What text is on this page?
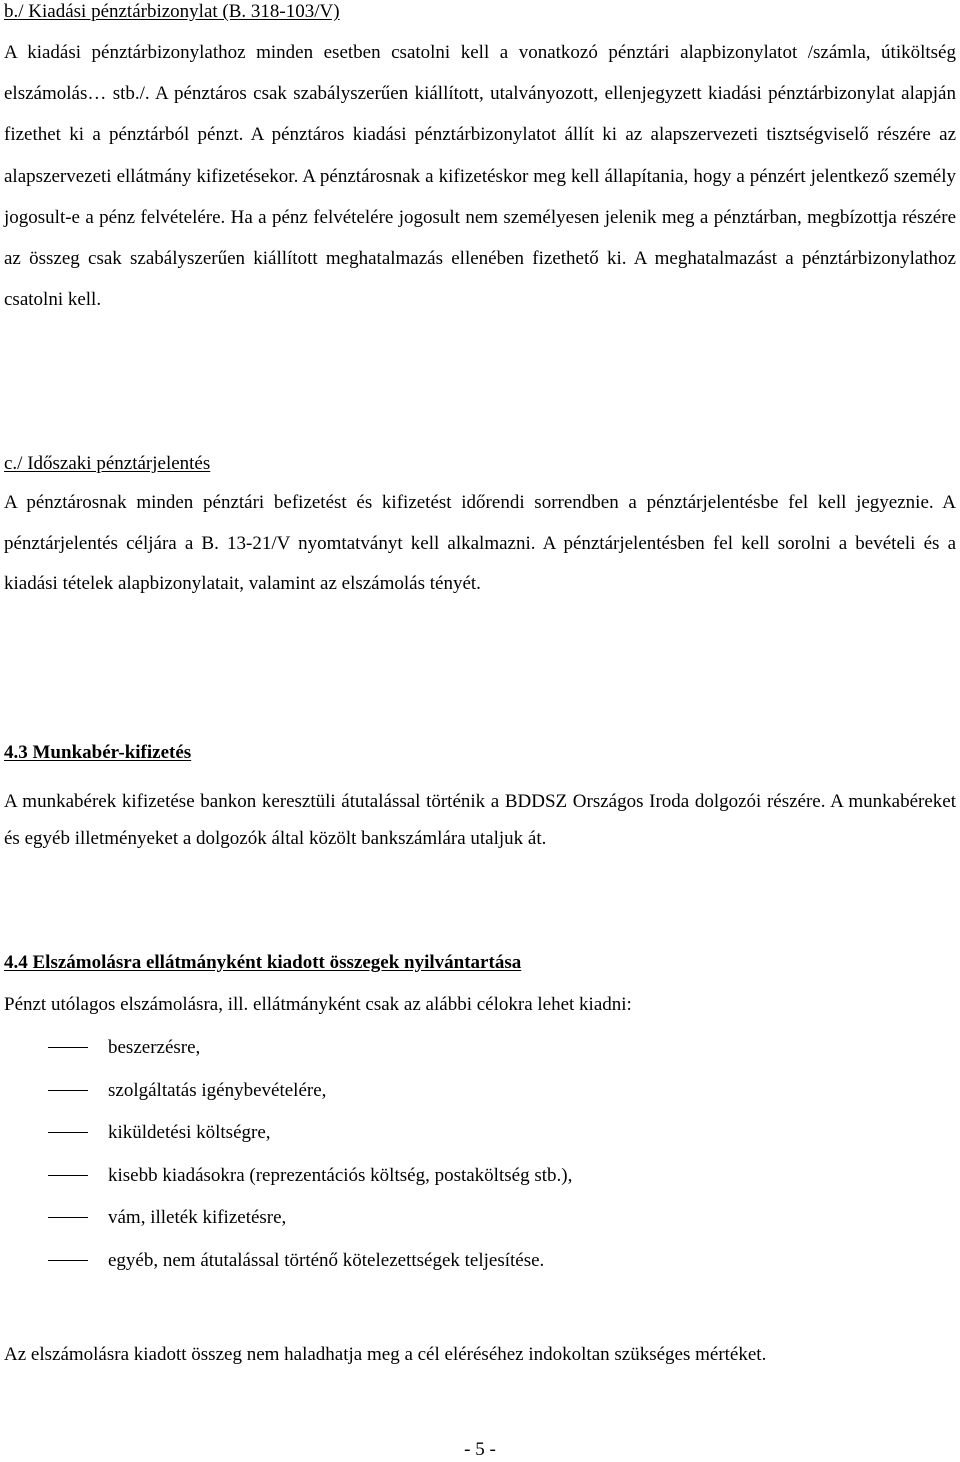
b./ Kiadási pénztárbizonylat (B. 318-103/V)

A kiadási pénztárbizonylathoz minden esetben csatolni kell a vonatkozó pénztári alapbizonylatot /számla, útiköltség elszámolás… stb./. A pénztáros csak szabályszerűen kiállított, utalványozott, ellenjegyzett kiadási pénztárbizonylat alapján fizethet ki a pénztárból pénzt. A pénztáros kiadási pénztárbizonylatot állít ki az alapszervezeti tisztségviselő részére az alapszervezeti ellátmány kifizetésekor. A pénztárosnak a kifizetéskor meg kell állapítania, hogy a pénzért jelentkező személy jogosult-e a pénz felvételére. Ha a pénz felvételére jogosult nem személyesen jelenik meg a pénztárban, megbízottja részére az összeg csak szabályszerűen kiállított meghatalmazás ellenében fizethető ki. A meghatalmazást a pénztárbizonylathoz csatolni kell.

c./ Időszaki pénztárjelentés

A pénztárosnak minden pénztári befizetést és kifizetést időrendi sorrendben a pénztárjelentésbe fel kell jegyeznie. A pénztárjelentés céljára a B. 13-21/V nyomtatványt kell alkalmazni. A pénztárjelentésben fel kell sorolni a bevételi és a kiadási tételek alapbizonylatait, valamint az elszámolás tényét.

4.3 Munkabér-kifizetés

A munkabérek kifizetése bankon keresztüli átutalással történik a BDDSZ Országos Iroda dolgozói részére. A munkabéreket és egyéb illetményeket a dolgozók által közölt bankszámlára utaljuk át.

4.4 Elszámolásra ellátmányként kiadott összegek nyilvántartása

Pénzt utólagos elszámolásra, ill. ellátmányként csak az alábbi célokra lehet kiadni:

beszerzésre,
szolgáltatás igénybevételére,
kiküldetési költségre,
kisebb kiadásokra (reprezentációs költség, postaköltség stb.),
vám, illeték kifizetésre,
egyéb, nem átutalással történő kötelezettségek teljesítése.

Az elszámolásra kiadott összeg nem haladhatja meg a cél eléréséhez indokoltan szükséges mértéket.

- 5 -
